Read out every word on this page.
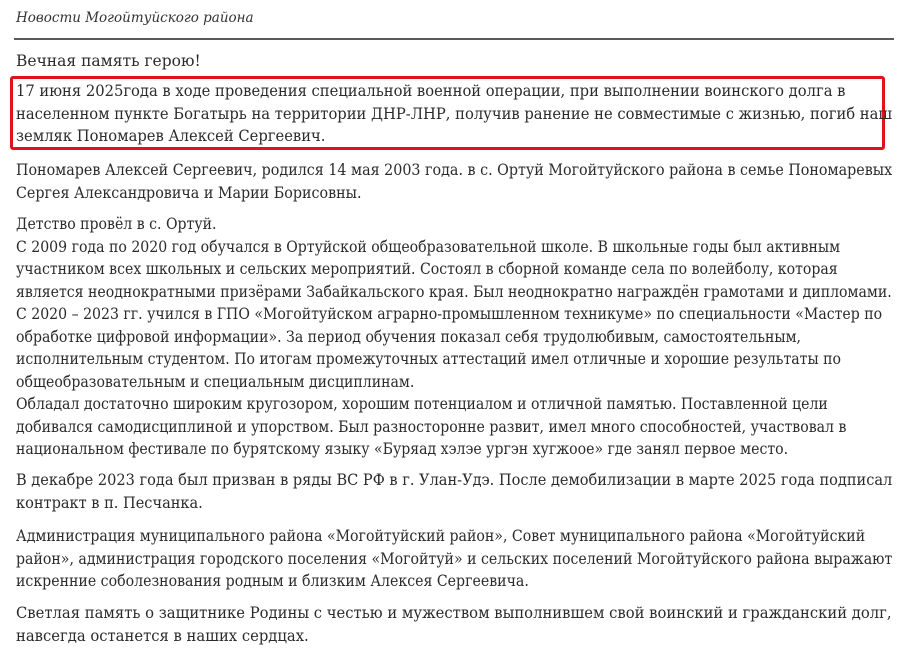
Новости Могойтуйского района
Вечная память герою!
17 июня 2025года в ходе проведения специальной военной операции, при выполнении воинского долга в
населенном пункте Богатырь на территории ДНР-ЛНР, получив ранение не совместимые с жизнью, погиб наш
земляк Пономарев Алексей Сергеевич.
Пономарев Алексей Сергеевич, родился 14 мая 2003 года. в с. Ортуй Могойтуйского района в семье Пономаревых
Сергея Александровича и Марии Борисовны.
Детство провёл в с. Ортуй.
С 2009 года по 2020 год обучался в Ортуйской общеобразовательной школе. В школьные годы был активным
участником всех школьных и сельских мероприятий. Состоял в сборной команде села по волейболу, которая
является неоднократными призёрами Забайкальского края. Был неоднократно награждён грамотами и дипломами.
С 2020 – 2023 гг. учился в ГПО «Могойтуйском аграрно-промышленном техникуме» по специальности «Мастер по
обработке цифровой информации». За период обучения показал себя трудолюбивым, самостоятельным,
исполнительным студентом. По итогам промежуточных аттестаций имел отличные и хорошие результаты по
общеобразовательным и специальным дисциплинам.
Обладал достаточно широким кругозором, хорошим потенциалом и отличной памятью. Поставленной цели
добивался самодисциплиной и упорством. Был разносторонне развит, имел много способностей, участвовал в
национальном фестивале по бурятскому языку «Буряад хэлэе ургэн хугжоое» где занял первое место.
В декабре 2023 года был призван в ряды ВС РФ в г. Улан-Удэ. После демобилизации в марте 2025 года подписал
контракт в п. Песчанка.
Администрация муниципального района «Могойтуйский район», Совет муниципального района «Могойтуйский
район», администрация городского поселения «Могойтуй» и сельских поселений Могойтуйского района выражают
искренние соболезнования родным и близким Алексея Сергеевича.
Светлая память о защитнике Родины с честью и мужеством выполнившем свой воинский и гражданский долг,
навсегда останется в наших сердцах.
